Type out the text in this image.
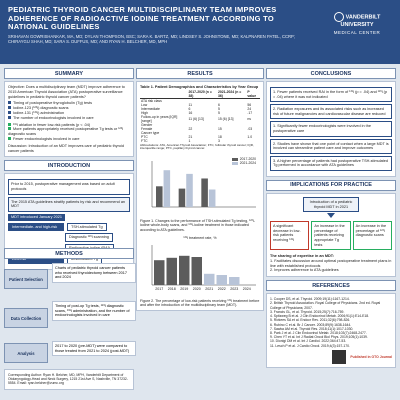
PEDIATRIC THYROID CANCER MULTIDISCIPLINARY TEAM IMPROVES ADHERENCE OF RADIOACTIVE IODINE TREATMENT ACCORDING TO NATIONAL GUIDELINES
SRIHAVAN GOWRISHANKAR, MA, MD; DYLAN THOMPSON, BSC; SARA K. BARTZ, MD; LINDSEY S. JOHNSTONE, MD; KALPNAREN PATEL, CCRP; CHIRAYGU SHAH, MD; SARA S. DUFFUS, MD; AND RYAN H. BELCHER, MD, MPH
VANDERBILT UNIVERSITY
MEDICAL CENTER
SUMMARY
Objective: Does a multidisciplinary team (MDT) improve adherence to 2015 American Thyroid Association (ATA) postoperative surveillance guidelines in pediatric thyroid cancer patients?
Timing of postoperative thyroglobulin (Tg) tests
Iodine-123 (¹²³I) diagnostic scans
Iodine-131 (¹³¹I) administration
The number of endocrinologists involved in care
¹³¹I ablation in fewer low-risk patients (p < .04)
More patients appropriately received postoperative Tg tests or ¹²³I diagnostic scans
Fewer endocrinologists involved in care
Discussion: Introduction of an MDT improves care of pediatric thyroid cancer patients
INTRODUCTION
Prior to 2015, postoperative management was based on adult protocols
The 2015 ATA guidelines stratify patients by risk and recommend an MDT
MDT introduced January 2021
Intermediate- and high-risk	TSH-stimulated Tg
Diagnostic ¹²³I scanning
METHODS
Patient Selection
Charts of pediatric thyroid cancer patients who received thyroidectomy between 2017 and 2024
Data Collection
Timing of post-op Tg tests, ¹²³I diagnostic scans, ¹³¹I administration, and the number of endocrinologists involved in care
Analysis
2017 to 2020 (pre-MDT) were compared to those treated from 2021 to 2024 (post-MDT)
Corresponding Author: Ryan H. Belcher, MD, MPH, Vanderbilt Department of Otolaryngology-Head and Neck Surgery, 1215 21st Ave S, Nashville, TN 37232-5554. Email: ryan.belcher@vumc.org
RESULTS
Table 1. Patient Demographics and Characteristics by Year Group
	2017-2020 (n = 38)	2021-2024 (n = 36)	P value
ATA risk class			
Low	11	6	56
Intermediate	6	5	24
High	16	5	.17
Follow-up in years [IQR] [range]	11 (6) [13]	15 (6) [13]	ns
Gender			
Female	22	15	.03
Cancer type			
PTC	21	18	1.0
FTC	1	3	
Abbreviations: ATA, American Thyroid Association; FTC, follicular thyroid cancer; IQR, interquartile range; PTC, papillary thyroid cancer.
2017-2020
2021-2024
Figure 1. Changes to the performance of TSH-stimulated Tg testing, ¹²³I-iodine whole-body scans, and ¹³¹I-iodine treatment in those indicated according to ATA guidelines.
¹³¹I treatment rate, %
2017 2018 2019 2020 2021 2022 2023 2024
Figure 2. The percentage of low-risk patients receiving ¹³¹I treatment before and after the introduction of the multidisciplinary team (MDT).
CONCLUSIONS
1. Fewer patients received RAI in the form of ¹³¹I (p = .04) and ¹²³I (p = .04) where it was not indicated
2. Radiation exposures and its associated risks such as increased risk of future malignancies and cardiovascular disease are reduced
1. Significantly fewer endocrinologists were involved in the postoperative care
2. Studies have shown that one point of contact when a large MDT is involved can streamline patient care and improve outcomes
3. A higher percentage of patients had postoperative TSH-stimulated Tg performed in accordance with ATA guidelines
IMPLICATIONS FOR PRACTICE
Introduction of a pediatric thyroid MDT in 2021
A significant decrease in low-risk patients receiving ¹³¹I
An increase in the percentage of patients receiving appropriate Tg tests
An increase in the percentage of ¹²³I diagnostic scans
The sharing of expertise in an MDT:
1. Facilitates discussion around optimal postoperative treatment plans in line with established protocols
2. Improves adherence to ATA guidelines
REFERENCES
1. Cooper DS, et al. Thyroid. 2009;19(11):1167-1214.
2. British Thyroid Association. Royal College of Physicians. 2nd ed. Royal College of Physicians; 2007.
3. Francis GL, et al. Thyroid. 2015;25(7):716-759.
4. Spitzweg B et al. J Clin Endocrinol Metab. 2006;91(1):E14-E18.
5. Rivkees SA et al. Endocr Rev. 2011;32(6):798-826.
6. Rubino C et al. Br J Cancer. 2003;89(9):1638-1644.
7. Sawka AM et al. Thyroid Res. 2018;11(1):1017-1030.
8. Park J et al. J Clin Endocrinol Metab. 2018;103(7):2468-2477.
9. Chen YT et al. Int J Radiat Oncol Biol Phys. 2019;105(1):1039.
10. Dionigi DM et al. Int J Cardiol. 2022;364:47-53.
11. Lesch P et al. J Cardio Oncol. 2019;4(3):157-170.
Published in OTO Journal
